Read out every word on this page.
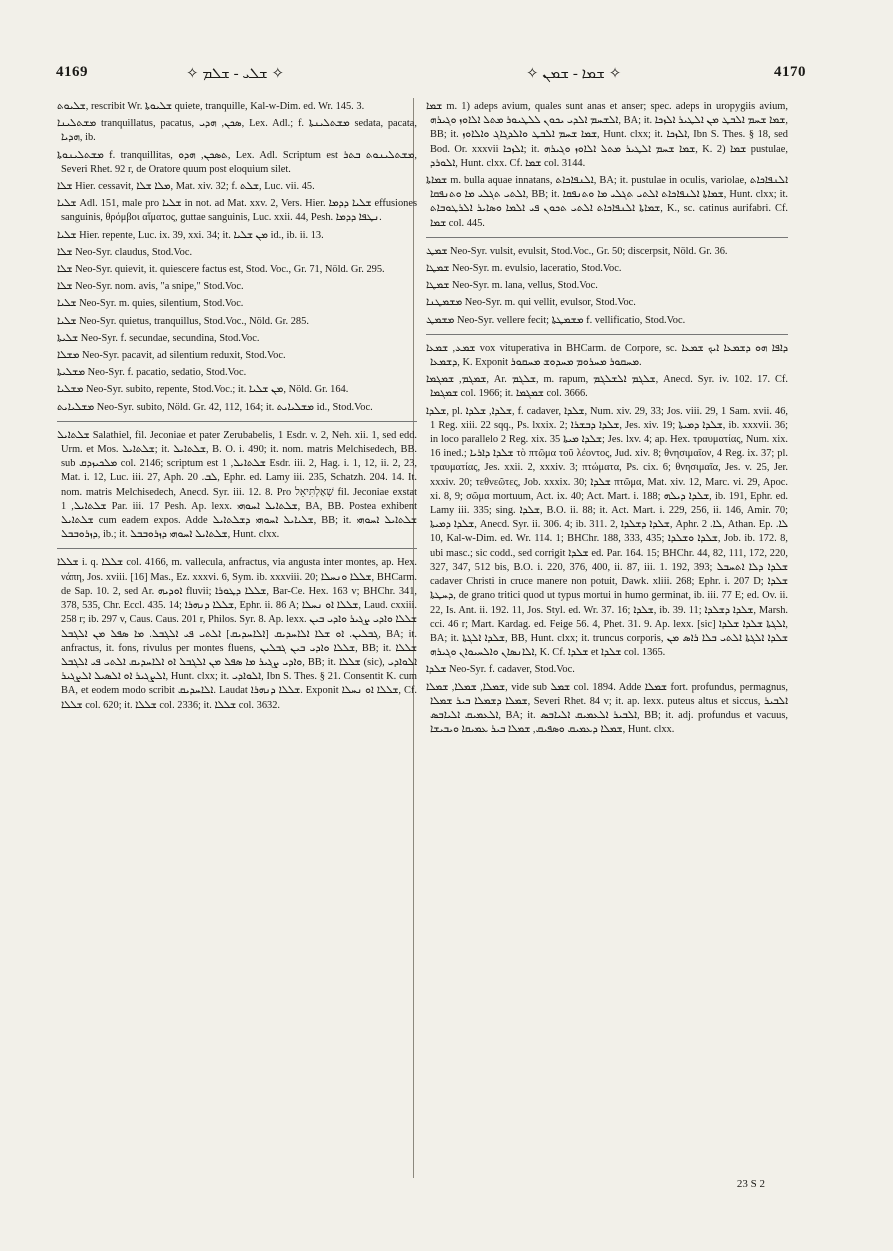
4169	✧ ܫܠܝ - ܫܠܡ ✧	✧ ܫܡܐ - ܫܡܢ ✧	4170

ܫܠܝܘܬ, rescribit Wr. ܫܠܝܘܬܐ quiete, tranquille, Kal-w-Dim. ed. Wr. 145. 3.

ܡܫܬܠܝܢܐ tranquillatus, pacatus, ܣܟܢ, ܗܕܝ, Lex. Adl.; f. ܡܫܬܠܝܢܬܐ sedata, pacata, ܗܕܝܐ, ib.

ܡܫܬܠܝܢܘܬܐ f. tranquillitas, ܬܣܟܢ, ܗܕܘ, Lex. Adl. Scriptum est ܡܫܬܠܝܢܘܬ ܒܬܪ, Severi Rhet. 92 r, de Oratore quum post eloquium silet.

ܫܠܐ Hier. cessavit, ܡܠܐ ܫܠܐ, Mat. xiv. 32; f. ܫܠܬ, Luc. vii. 45.

ܫܠܝܐ Adl. 151, male pro ܫܠܝܐ in not. ad Mat. xxv. 2, Vers. Hier. ܫܠܝܐ ܕܕܡܐ effusiones sanguinis, θρόμβοι αἵματος, guttae sanguinis, Luc. xxii. 44, Pesh. ܢܛܦܐ ܕܕܡܐ.

ܫܠܝܐ Hier. repente, Luc. ix. 39, xxi. 34; it. ܡܢ ܫܠܝܐ id., ib. ii. 13.

ܫܠܐ Neo-Syr. claudus, Stod.Voc.

ܫܠܐ Neo-Syr. quievit, it. quiescere factus est, Stod. Voc., Gr. 71, Nöld. Gr. 295.

ܫܠܐ Neo-Syr. nom. avis, "a snipe," Stod.Voc.

ܫܠܝܐ Neo-Syr. m. quies, silentium, Stod.Voc.

ܫܠܝܐ Neo-Syr. quietus, tranquillus, Stod.Voc., Nöld. Gr. 285.

ܫܠܝܬܐ Neo-Syr. f. secundae, secundina, Stod.Voc.

ܡܫܠܐ Neo-Syr. pacavit, ad silentium reduxit, Stod.Voc.

ܡܫܠܝܬܐ Neo-Syr. f. pacatio, sedatio, Stod.Voc.

ܡܫܠܝܐ Neo-Syr. subito, repente, Stod.Voc.; it. ܡܢ ܫܠܝܐ, Nöld. Gr. 164.

ܡܫܠܝܐܝܬ Neo-Syr. subito, Nöld. Gr. 42, 112, 164; it. ܡܫܠܝܐܝܬ id., Stod.Voc.

ܫܠܬܐܝܠ Salathiel, fil. Jeconiae et pater Zerubabelis, 1 Esdr. v. 2, Neh. xii. 1, sed edd. Urm. et Mos. ܫܠܬܐܝܠ; it. ܫܠܬܐܝܠ, B. O. i. 490; it. nom. matris Melchisedech, BB. sub ܡܠܟܝܙܕܩ col. 2146; scriptum est ܫܠܬܐܝܠ, 1 Esdr. iii. 2, Hag. i. 1, 12, ii. 2, 23, Mat. i. 12, Luc. iii. 27, Aph. ܠܒ. 20, Ephr. ed. Lamy iii. 235, Schatzh. 204. 14. It. nom. matris Melchisedech, Anecd. Syr. iii. 12. 8. Pro שְׁאַלְתִּיאֵל fil. Jeconiae exstat ܫܠܬܐܝܠ, 1 Par. iii. 17 Pesh. Ap. lexx. ܫܠܬܐܝܠ ܐܚܘܗܝ, BA, BB. Postea exhibent ܫܠܬܐܝܠ cum eadem expos. Adde ܫܠܝܐܝܠ ܐܚܘܗܝ ܕܫܠܬܐܝܠ, BB; it. ܫܠܬܐܝܠ ܐܚܘܗܝ ܕܙܪܘܒܒܠ, ib.; it. ܫܠܬܐܝܠ ܐܚܘܗܝ ܕܙܪܘܒܒܠ, Hunt. clxx.

ܫܠܠܐ i. q. ܫܠܠܐ col. 4166, m. vallecula, anfractus, via angusta inter montes, ap. Hex. νάπη, Jos. xviii. [16] Mas., Ez. xxxvi. 6, Sym. ib. xxxviii. 20; ܫܠܠܐ ܘܢܚܠܐ, BHCarm. de Sap. 10. 2, sed Ar. ܐܘܕܝܗ fluvii; ܫܠܠܐ ܕܛܘܪܐ, Bar-Ce. Hex. 163 v; BHChr. 341, 378, 535, Chr. Eccl. 435. 14; ܫܠܠܐ ܕܢܗܪܐ, Ephr. ii. 86 A; ܫܠܠܐ ܐܘ ܢܚܠܐ, Laud. cxxiii. 258 r; ib. 297 v, Caus. Caus. 201 r, Philos. Syr. 8. Ap. lexx. ܫܠܠܐ ܘܐܕܝ ܨܓܝܪ ܘܐܕܝ ܒܝܢ ܓܒܠܝܢ. ܐܘ ܫܠܐ ܐܠܐܚܕܝܩ [ܐܠܐܚܕܝܩ] ܐܠܬܝ ܦܝ ܐܠܓܒܠ. ܡܐ ܣܦܠ ܡܢ ܐܠܓܒܠ, BA; it. anfractus, it. fons, rivulus per montes fluens, ܫܠܠܐ ܘܐܕܝ ܒܝܢ ܓܒܠܝܢ, BB; it. ܫܠܠܐ ܘܐܕܝ ܨܓܝܪ ܡܐ ܣܦܠ ܡܢ ܐܠܓܒܠ ܐܘ ܐܠܐܚܕܝܩ ܐܠܬܝ ܦܝ ܐܠܓܒܠ, BB; it. ܫܠܠܐ (sic), ܐܠܘܐܕܝ ܐܠܨܓܝܪ ܐܘ ܐܠܣܝܠ ܐܠܨܓܝܪ, Hunt. clxx; it. ܐܠܘܐܕܝ, Ibn S. Thes. § 21. Consentit K. cum BA, et eodem modo scribit ܐܠܐܚܕܝܩ. Laudat ܫܠܠܐ ܕܢܗܪܐ. Exponit ܫܠܠܐ ܐܘ ܢܚܠܐ, Cf. ܫܠܠܐ col. 620; it. ܫܠܠܐ col. 2336; it. ܫܠܠܐ col. 3632.

ܫܡܐ m. 1) adeps avium, quales sunt anas et anser; spec. adeps in uropygiis avium, ܐܠܫܚܡ ܐܠܕܝ ܝܟܘܢ ܠܠܛܝܘܪ ܡܬܠ ܐܠܐܘܙ ܘܓܝܪܗ, BA; it. ܫܡܐ ܫܚܡ ܐܠܒܛ ܡܢ ܐܠܛܝܪ ܐܠܙܟܐ, BB; it. ܫܡܐ ܫܚܡ ܐܠܒܛ ܘܐܠܕܓܐܓ ܘܐܠܐܘܙ, Hunt. clxx; it. ܐܠܙܟܐ, Ibn S. Thes. § 18, sed Bod. Or. xxxvii ܐܠܙܟܐ; it. ܫܡܐ ܫܚܡ ܐܠܛܝܪ ܡܬܠ ܐܠܐܘܙ ܘܓܝܪܗ, K. 2) ܫܡܐ pustulae, ܐܠܘܪܕ, Hunt. clxx. Cf. ܫܡܐ col. 3144.

ܫܡܐܬܐ m. bulla aquae innatans, ܐܠܢܦܐܟܐܬ, BA; it. pustulae in oculis, variolae, ܐܠܢܦܐܟܐܬ ܐܠܬܝ ܬܓܠܝ ܡܐ ܘܬܢܦܩܐ, BB; it. ܫܡܐܬܐ ܐܠܢܦܐܟܐܬ ܐܠܬܝ ܬܓܠܝ ܡܐ ܘܬܢܦܩܐ, Hunt. clxx; it. ܫܡܐܬܐ ܐܠܢܦܐܟܐܬ ܐܠܬܝ ܬܟܘܢ ܦܝ ܐܠܡܐ ܘܣܐܝܪ ܐܠܪܛܘܒܐܬ, K., sc. catinus aurifabri. Cf. ܫܡܐ col. 445.

ܫܡܛ Neo-Syr. vulsit, evulsit, Stod.Voc., Gr. 50; discerpsit, Nöld. Gr. 36.

ܫܡܛܐ Neo-Syr. m. evulsio, laceratio, Stod.Voc.

ܫܡܛܐ Neo-Syr. m. lana, vellus, Stod.Voc.

ܡܫܡܛܢܐ Neo-Syr. m. qui vellit, evulsor, Stod.Voc.

ܡܫܡܛ Neo-Syr. vellere fecit; ܡܫܡܛܬܐ f. vellificatio, Stod.Voc.

ܫܡܥ, ܫܡܥܐ vox vituperativa in BHCarm. de Corpore, sc. ܕܐܦܐ ܗܘ ܕܫܡܥܐ ܐܝܟ ܫܡܥܐ ܕܫܡܥܐ, K. Exponit ܡܚܩܘܪ ܡܚܪܘܡ ܡܚܕܘܫ ܡܚܩܘܪ.

ܫܡܓܡ, ܫܡܓܡܐ, Ar. ܫܠܓܡ, m. rapum, ܫܠܓܡ ܐܠܫܠܓܡ, Anecd. Syr. iv. 102. 17. Cf. ܫܡܓܡܐ col. 1966; it. ܫܡܓܡܐ col. 3666.

ܫܠܕܐ, pl. ܫܠܕܐ, ܫܠܕܐ, f. cadaver, ܫܠܕܐ, Num. xiv. 29, 33; Jos. viii. 29, 1 Sam. xvii. 46, 1 Reg. xiii. 22 sqq., Ps. lxxix. 2; ܫܠܕܐ ܕܒܫܪܐ, Jes. xiv. 19; ܫܠܕܐ ܕܡܝܬܐ, ib. xxxvii. 36; in loco parallelo 2 Reg. xix. 35 ܫܠܕܐ ܡܝܬܐ; Jes. lxv. 4; ap. Hex. τραυματίας, Num. xix. 16 ined.; ܫܠܕܐ ܕܐܪܝܐ τὸ πτῶμα τοῦ λέοντος, Jud. xiv. 8; θνησιμαῖον, 4 Reg. ix. 37; pl. τραυματίας, Jes. xxii. 2, xxxiv. 3; πτώματα, Ps. cix. 6; θνησιμαῖα, Jes. v. 25, Jer. xxxiv. 20; τεθνεῶτες, Job. xxxix. 30; ܫܠܕܐ πτῶμα, Mat. xiv. 12, Marc. vi. 29, Apoc. xi. 8, 9; σῶμα mortuum, Act. ix. 40; Act. Mart. i. 188; ܫܠܕܐ ܕܝܠܗ, ib. 191, Ephr. ed. Lamy iii. 335; sing. ܫܠܕܐ, B.O. ii. 88; it. Act. Mart. i. 229, 256, ii. 146, Amir. 70; ܫܠܕܐ ܕܡܝܬܐ, Anecd. Syr. ii. 306. 4; ib. 311. 2, ܫܠܕܐ ܕܫܠܕܐ, Aphr. ܠܐ. 2, Athan. Ep. ܠܐ. 10, Kal-w-Dim. ed. Wr. 114. 1; BHChr. 188, 333, 435; ܫܠܕܐ ܘܫܠܕܐ, Job. ib. 172. 8, ubi masc.; sic codd., sed corrigit ܫܠܕܐ ed. Par. 164. 15; BHChr. 44, 82, 111, 172, 220, 327, 347, 512 bis, B.O. i. 220, 376, 400, ii. 87, iii. 1. 192, 393; ܫܠܕܐ ܕܠܐ ܐܬܚܒܠ cadaver Christi in cruce manere non potuit, Dawk. xliii. 268; Ephr. i. 207 D; ܫܠܕܐ ܕܚܛܬܐ, de grano tritici quod ut typus mortui in humo germinat, ib. iii. 77 E; ed. Ov. ii. 22, Is. Ant. ii. 192. 11, Jos. Styl. ed. Wr. 37. 16; ܫܠܕܐ, ib. 39. 11; ܫܠܕܐ ܕܫܠܕܐ, Marsh. cci. 46 r; Mart. Kardag. ed. Feige 56. 4, Phet. 31. 9. Ap. lexx. [sic] ܐܠܓܬܐ ܫܠܕܐ ܫܠܕܐ, BA; it. ܫܠܕܐ ܐܠܓܬܐ, BB, Hunt. clxx; it. truncus corporis, ܫܠܕܐ ܐܠܓܬܐ ܐܠܬܝ ܒܠܐ ܪܐܣ ܡܢ ܐܠܐܢܣܐܢ ܘܐܠܚܝܘܐܢ ܘܓܝܪܗ, K. Cf. ܫܠܕܐ et ܫܠܕܐ col. 1365.

ܫܠܕܐ Neo-Syr. f. cadaver, Stod.Voc.

ܫܡܠܐ, ܫܡܠܐ, ܫܡܠܐ, vide sub ܫܡܠ col. 1894. Adde ܫܡܠܐ fort. profundus, permagnus, ܫܡܠܐ ܕܫܡܠܐ ܒܝܪ ܫܡܠܐ, Severi Rhet. 84 v; it. ap. lexx. puteus altus et siccus, ܐܠܒܝܪ ܐܠܥܡܝܩ ܐܠܝܐܒܣ, BA; it. ܐܠܒܝܪ ܐܠܥܡܝܩ ܐܠܝܐܒܣ, BB; it. adj. profundus et vacuus, ܫܡܠܐ ܕܥܡܝܩ ܘܣܦܝܩ, ܫܡܠܐ ܒܝܪ ܥܡܝܩܐ ܘܝܒܝܫܐ, Hunt. clxx.

23 S 2
